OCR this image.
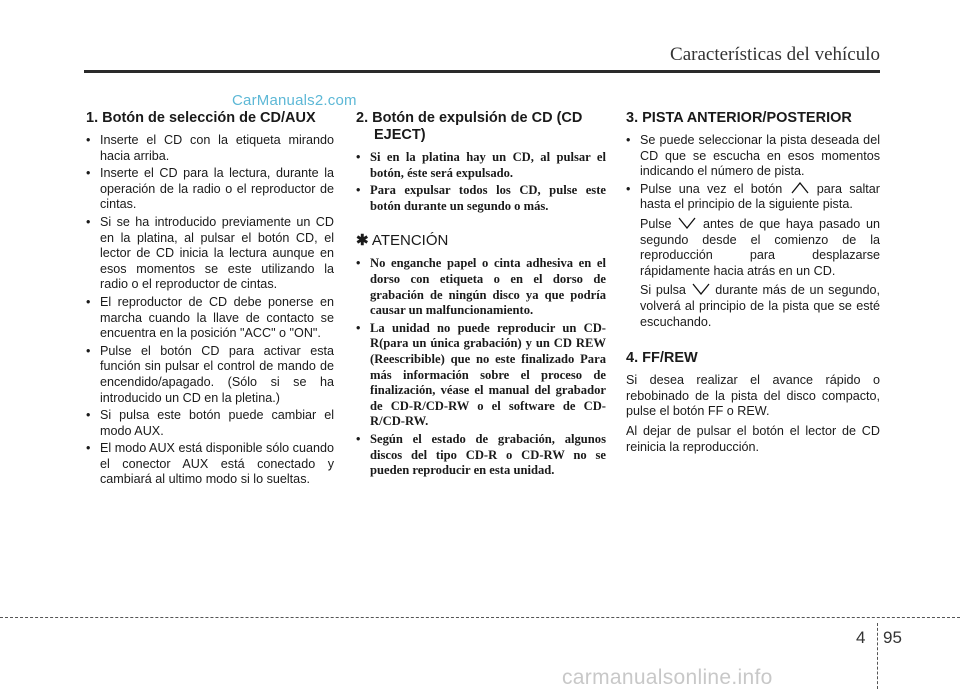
Características del vehículo
CarManuals2.com
1. Botón de selección de CD/AUX
• Inserte el CD con la etiqueta mirando hacia arriba.
• Inserte el CD para la lectura, durante la operación de la radio o el reproductor de cintas.
• Si se ha introducido previamente un CD en la platina, al pulsar el botón CD, el lector de CD inicia la lectura aunque en esos momentos se este utilizando la radio o el reproductor de cintas.
• El reproductor de CD debe ponerse en marcha cuando la llave de contacto se encuentra en la posición "ACC" o "ON".
• Pulse el botón CD para activar esta función sin pulsar el control de mando de encendido/apagado. (Sólo si se ha introducido un CD en la pletina.)
• Si pulsa este botón puede cambiar el modo AUX.
• El modo AUX está disponible sólo cuando el conector AUX está conectado y cambiará al ultimo modo si lo sueltas.
2. Botón de expulsión de CD (CD EJECT)
• Si en la platina hay un CD, al pulsar el botón, éste será expulsado.
• Para expulsar todos los CD, pulse este botón durante un segundo o más.
✱ ATENCIÓN
• No enganche papel o cinta adhesiva en el dorso con etiqueta o en el dorso de grabación de ningún disco ya que podría causar un malfuncionamiento.
• La unidad no puede reproducir un CD-R(para un única grabación) y un CD REW (Reescribible) que no este finalizado Para más información sobre el proceso de finalización, véase el manual del grabador de CD-R/CD-RW o el software de CD-R/CD-RW.
• Según el estado de grabación, algunos discos del tipo CD-R o CD-RW no se pueden reproducir en esta unidad.
3. PISTA ANTERIOR/POSTERIOR
• Se puede seleccionar la pista deseada del CD que se escucha en esos momentos indicando el número de pista.
• Pulse una vez el botón	para saltar hasta el principio de la siguiente pista.
Pulse antes de que haya pasado un segundo desde el comienzo de la reproducción para desplazarse rápidamente hacia atrás en un CD.
Si pulsa durante más de un segundo, volverá al principio de la pista que se esté escuchando.
4. FF/REW

Si desea realizar el avance rápido o rebobinado de la pista del disco compacto, pulse el botón FF o REW.

Al dejar de pulsar el botón el lector de CD reinicia la reproducción.

4 95
carmanualsonline.info
